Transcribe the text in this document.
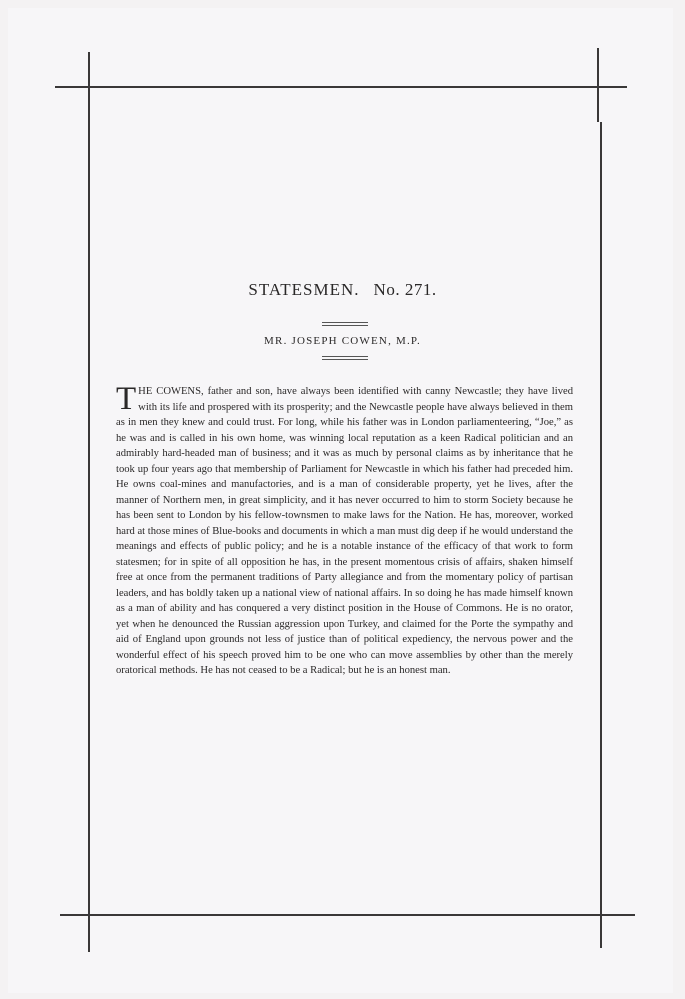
STATESMEN. No. 271.
MR. JOSEPH COWEN, M.P.
THE COWENS, father and son, have always been identified with canny Newcastle; they have lived with its life and prospered with its prosperity; and the Newcastle people have always believed in them as in men they knew and could trust. For long, while his father was in London parliamenteering, “Joe,” as he was and is called in his own home, was winning local reputation as a keen Radical politician and an admirably hard-headed man of business; and it was as much by personal claims as by inheritance that he took up four years ago that membership of Parliament for Newcastle in which his father had preceded him. He owns coal-mines and manufactories, and is a man of considerable property, yet he lives, after the manner of Northern men, in great simplicity, and it has never occurred to him to storm Society because he has been sent to London by his fellow-townsmen to make laws for the Nation. He has, moreover, worked hard at those mines of Blue-books and documents in which a man must dig deep if he would understand the meanings and effects of public policy; and he is a notable instance of the efficacy of that work to form statesmen; for in spite of all opposition he has, in the present momentous crisis of affairs, shaken himself free at once from the permanent traditions of Party allegiance and from the momentary policy of partisan leaders, and has boldly taken up a national view of national affairs. In so doing he has made himself known as a man of ability and has conquered a very distinct position in the House of Commons. He is no orator, yet when he denounced the Russian aggression upon Turkey, and claimed for the Porte the sympathy and aid of England upon grounds not less of justice than of political expediency, the nervous power and the wonderful effect of his speech proved him to be one who can move assemblies by other than the merely oratorical methods. He has not ceased to be a Radical; but he is an honest man.
